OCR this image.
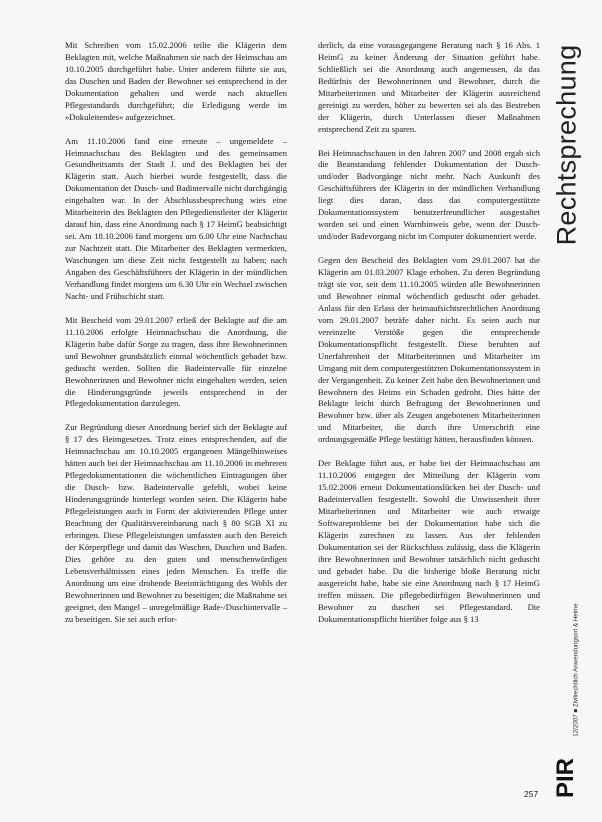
Mit Schreiben vom 15.02.2006 teilte die Klägerin dem Beklagten mit, welche Maßnahmen sie nach der Heimschau am 10.10.2005 durchgeführt habe. Unter anderem führte sie aus, das Duschen und Baden der Bewohner sei entsprechend in der Dokumentation gehalten und werde nach aktuellen Pflegestandards durchgeführt; die Erledigung werde im »Dokuleitendes« aufgezeichnet.

Am 11.10.2006 fand eine erneute – ungemeldete – Heimnachschau des Beklagten und des gemeinsamen Gesundheitsamts der Stadt J. und des Beklagten bei der Klägerin statt. Auch hierbei wurde festgestellt, dass die Dokumentation der Dusch- und Badintervalle nicht durchgängig eingehalten war. In der Abschlussbesprechung wies eine Mitarbeiterin des Beklagten den Pflegedienstleiter der Klägerin darauf hin, dass eine Anordnung nach § 17 HeimG beabsichtigt sei. Am 18.10.2006 fand morgens um 6.00 Uhr eine Nachschau zur Nachtzeit statt. Die Mitarbeiter des Beklagten vermerkten, Waschungen um diese Zeit nicht festgestellt zu haben; nach Angaben des Geschäftsführers der Klägerin in der mündlichen Verhandlung findet morgens um 6.30 Uhr ein Wechsel zwischen Nacht- und Frühschicht statt.

Mit Bescheid vom 29.01.2007 erließ der Beklagte auf die am 11.10.2006 erfolgte Heimnachschau die Anordnung, die Klägerin habe dafür Sorge zu tragen, dass ihre Bewohnerinnen und Bewohner grundsätzlich einmal wöchentlich gebadet bzw. geduscht werden. Sollten die Badeintervalle für einzelne Bewohnerinnen und Bewohner nicht eingehalten werden, seien die Hinderungsgründe jeweils entsprechend in der Pflegedokumentation darzulegen.

Zur Begründung dieser Anordnung berief sich der Beklagte auf § 17 des Heimgesetzes. Trotz eines entsprechenden, auf die Heimnachschau am 10.10.2005 ergangenen Mängelhinweises hätten auch bei der Heimnachschau am 11.10.2006 in mehreren Pflegedokumentationen die wöchentlichen Eintragungen über die Dusch- bzw. Badeintervalle gefehlt, wobei keine Hinderungsgründe hinterlegt worden seien. Die Klägerin habe Pflegeleistungen auch in Form der aktivierenden Pflege unter Beachtung der Qualitätsvereinbarung nach § 80 SGB XI zu erbringen. Diese Pflegeleistungen umfassten auch den Bereich der Körperpflege und damit das Waschen, Duschen und Baden. Dies gehöre zu den guten und menschenwürdigen Lebensverhältnissen eines jeden Menschen. Es treffe die Anordnung um eine drohende Beeinträchtigung des Wohls der Bewohnerinnen und Bewohner zu beseitigen; die Maßnahme sei geeignet, den Mangel – unregelmäßige Bade-/Duschintervalle – zu beseitigen. Sie sei auch erfor-

derlich, da eine vorausgegangene Beratung nach § 16 Abs. 1 HeimG zu keiner Änderung der Situation geführt habe. Schließlich sei die Anordnung auch angemessen, da das Bedürfnis der Bewohnerinnen und Bewohner, durch die Mitarbeiterinnen und Mitarbeiter der Klägerin ausreichend gereinigt zu werden, höher zu bewerten sei als das Bestreben der Klägerin, durch Unterlassen dieser Maßnahmen entsprechend Zeit zu sparen.

Bei Heimnachschauen in den Jahren 2007 und 2008 ergab sich die Beanstandung fehlender Dokumentation der Dusch- und/oder Badvorgänge nicht mehr. Nach Auskunft des Geschäftsführers der Klägerin in der mündlichen Verhandlung liegt dies daran, dass das computergestützte Dokumentationssystem benutzerfreundlicher ausgestaltet worden sei und einen Warnhinweis gebe, wenn der Dusch- und/oder Badevorgang nicht im Computer dokumentiert werde.

Gegen den Bescheid des Beklagten vom 29.01.2007 hat die Klägerin am 01.03.2007 Klage erhoben. Zu deren Begründung trägt sie vor, seit dem 11.10.2005 würden alle Bewohnerinnen und Bewohner einmal wöchentlich geduscht oder gebadet. Anlass für den Erlass der heimaufsichtsrechtlichen Anordnung vom 29.01.2007 beträfe daher nicht. Es seien auch nur vereinzelte Verstöße gegen die entsprechende Dokumentationspflicht festgestellt. Diese beruhten auf Unerfahrenheit der Mitarbeiterinnen und Mitarbeiter im Umgang mit dem computergestützten Dokumentationssystem in der Vergangenheit. Zu keiner Zeit habe den Bewohnerinnen und Bewohnern des Heims ein Schaden gedroht. Dies hätte der Beklagte leicht durch Befragung der Bewohnerinnen und Bewohner bzw. über als Zeugen angebotenen Mitarbeiterinnen und Mitarbeiter, die durch ihre Unterschrift eine ordnungsgemäße Pflege bestätigt hätten, herausfinden können.

Der Beklagte führt aus, er habe bei der Heimnachschau am 11.10.2006 entgegen der Mitteilung der Klägerin vom 15.02.2006 erneut Dokumentationslücken bei der Dusch- und Badeintervallen festgestellt. Sowohl die Unwissenheit ihrer Mitarbeiterinnen und Mitarbeiter wie auch etwaige Softwareprobleme bei der Dokumentation habe sich die Klägerin zurechnen zu lassen. Aus der fehlenden Dokumentation sei der Rückschluss zulässig, dass die Klägerin ihre Bewohnerinnen und Bewohner tatsächlich nicht geduscht und gebadet habe. Da die bisherige bloße Beratung nicht ausgereicht habe, habe sie eine Anordnung nach § 17 HeimG treffen müssen. Die pflegebedürftigen Bewohnerinnen und Bewohner zu duschen sei Pflegestandard. Die Dokumentationspflicht hierüber folge aus § 13

Rechtsprechung
12/2007 ■ Zivilrechtlich Anwendungsort & Heime
PIR
257
